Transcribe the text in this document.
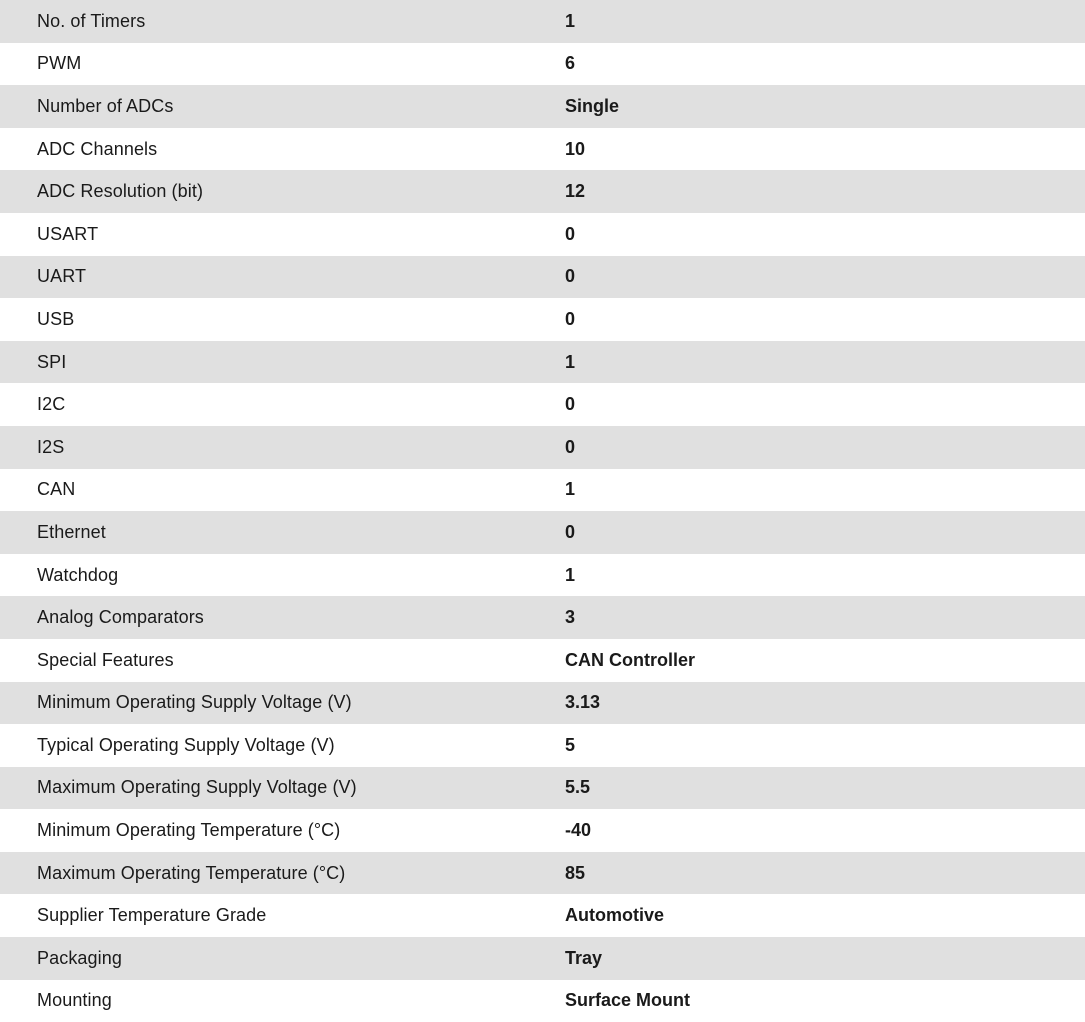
No. of Timers	1
PWM	6
Number of ADCs	Single
ADC Channels	10
ADC Resolution (bit)	12
USART	0
UART	0
USB	0
SPI	1
I2C	0
I2S	0
CAN	1
Ethernet	0
Watchdog	1
Analog Comparators	3
Special Features	CAN Controller
Minimum Operating Supply Voltage (V)	3.13
Typical Operating Supply Voltage (V)	5
Maximum Operating Supply Voltage (V)	5.5
Minimum Operating Temperature (°C)	-40
Maximum Operating Temperature (°C)	85
Supplier Temperature Grade	Automotive
Packaging	Tray
Mounting	Surface Mount
